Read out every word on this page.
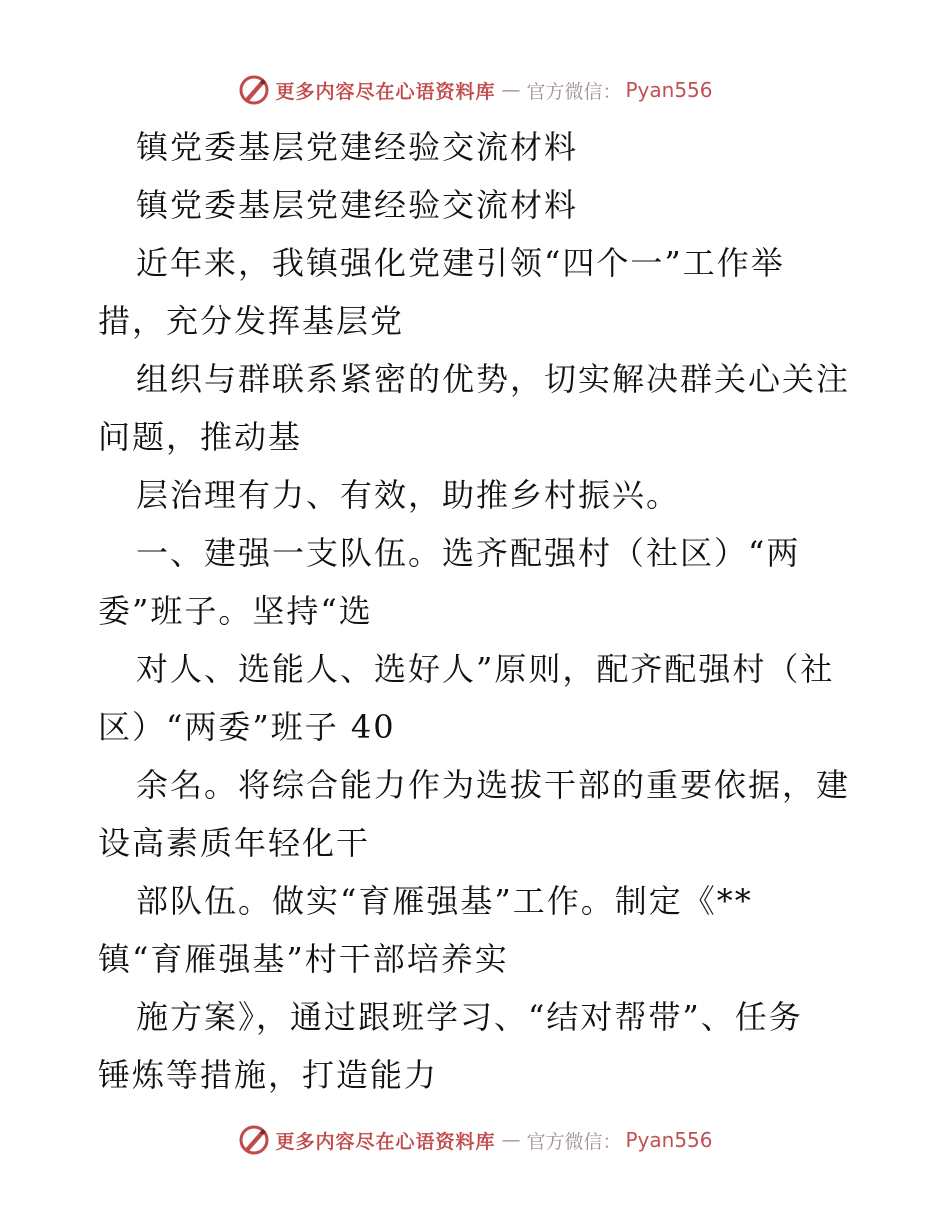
更多内容尽在心语资料库 — 官方微信： Pyan556
镇党委基层党建经验交流材料
镇党委基层党建经验交流材料
近年来，我镇强化党建引领“四个一”工作举
措，充分发挥基层党
组织与群联系紧密的优势，切实解决群关心关注
问题，推动基
层治理有力、有效，助推乡村振兴。
一、建强一支队伍。选齐配强村（社区）“两
委”班子。坚持“选
对人、选能人、选好人”原则，配齐配强村（社
区）“两委”班子 40
余名。将综合能力作为选拔干部的重要依据，建
设高素质年轻化干
部队伍。做实“育雁强基”工作。制定《**
镇“育雁强基”村干部培养实
施方案》，通过跟班学习、“结对帮带”、任务
锤炼等措施，打造能力
更多内容尽在心语资料库 — 官方微信： Pyan556
